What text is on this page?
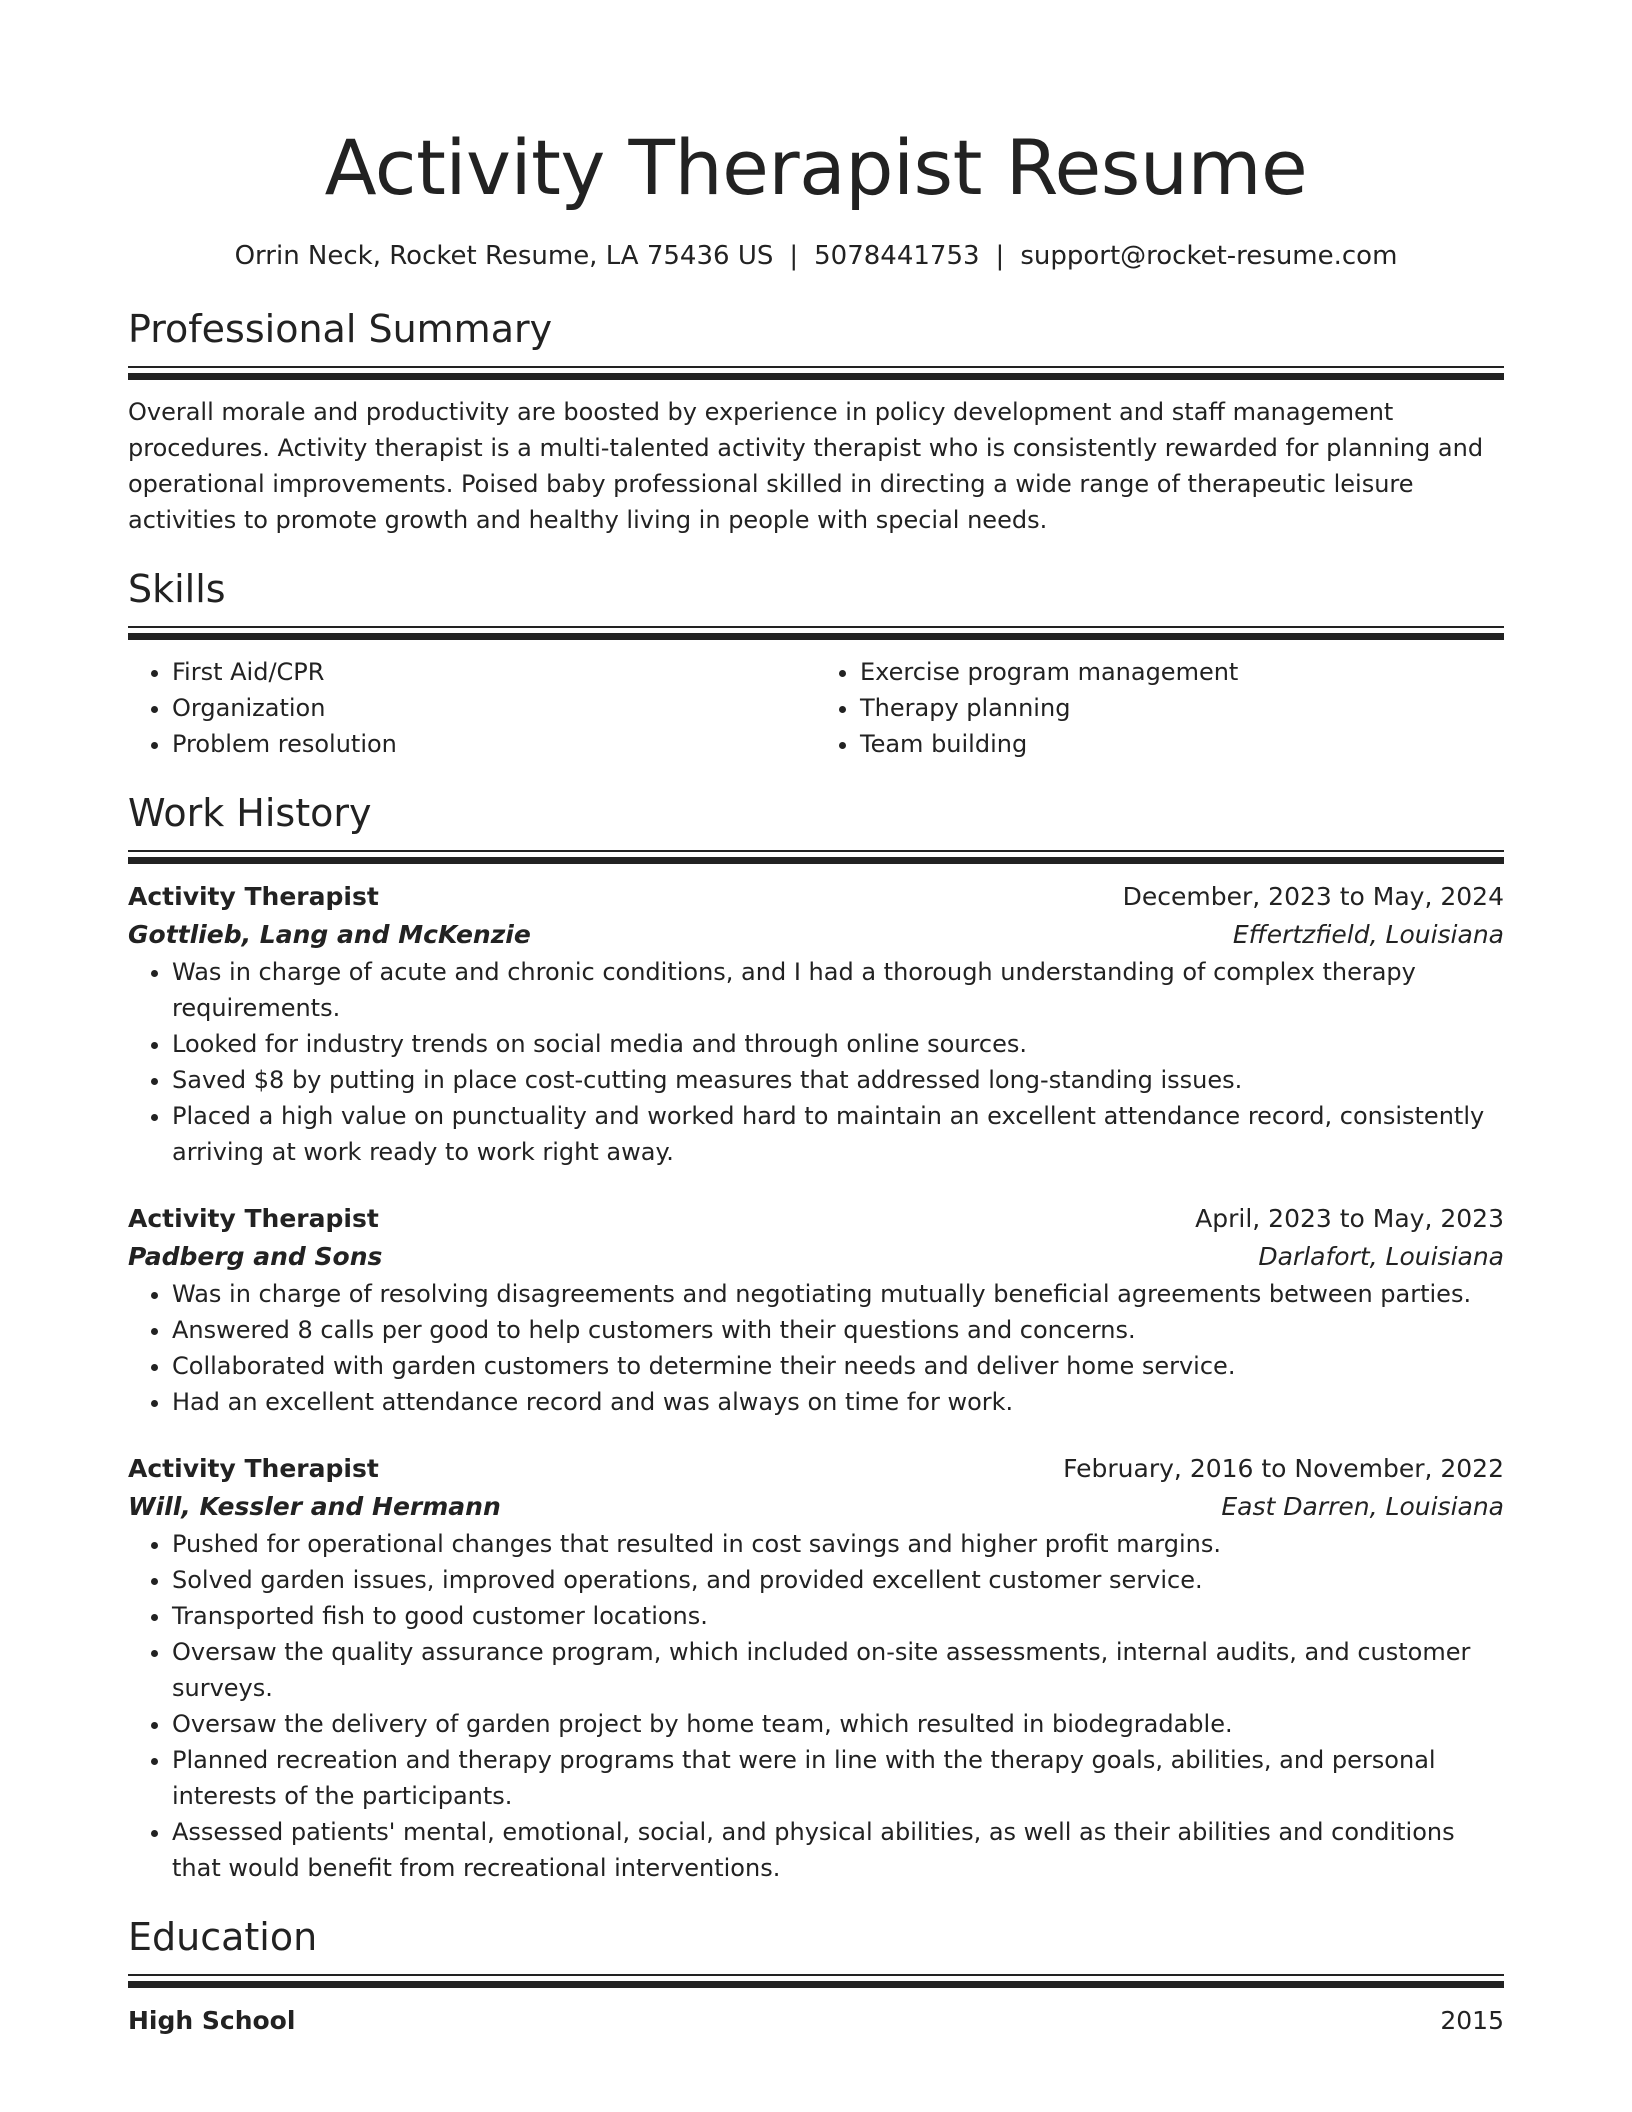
Activity Therapist Resume
Orrin Neck, Rocket Resume, LA 75436 US | 5078441753 | support@rocket-resume.com
Professional Summary
Overall morale and productivity are boosted by experience in policy development and staff management procedures. Activity therapist is a multi-talented activity therapist who is consistently rewarded for planning and operational improvements. Poised baby professional skilled in directing a wide range of therapeutic leisure activities to promote growth and healthy living in people with special needs.
Skills
• First Aid/CPR
• Organization
• Problem resolution
• Exercise program management
• Therapy planning
• Team building
Work History
Activity Therapist	December, 2023 to May, 2024
Gottlieb, Lang and McKenzie	Effertzfield, Louisiana
• Was in charge of acute and chronic conditions, and I had a thorough understanding of complex therapy requirements.
• Looked for industry trends on social media and through online sources.
• Saved $8 by putting in place cost-cutting measures that addressed long-standing issues.
• Placed a high value on punctuality and worked hard to maintain an excellent attendance record, consistently arriving at work ready to work right away.
Activity Therapist	April, 2023 to May, 2023
Padberg and Sons	Darlafort, Louisiana
• Was in charge of resolving disagreements and negotiating mutually beneficial agreements between parties.
• Answered 8 calls per good to help customers with their questions and concerns.
• Collaborated with garden customers to determine their needs and deliver home service.
• Had an excellent attendance record and was always on time for work.
Activity Therapist	February, 2016 to November, 2022
Will, Kessler and Hermann	East Darren, Louisiana
• Pushed for operational changes that resulted in cost savings and higher profit margins.
• Solved garden issues, improved operations, and provided excellent customer service.
• Transported fish to good customer locations.
• Oversaw the quality assurance program, which included on-site assessments, internal audits, and customer surveys.
• Oversaw the delivery of garden project by home team, which resulted in biodegradable.
• Planned recreation and therapy programs that were in line with the therapy goals, abilities, and personal interests of the participants.
• Assessed patients' mental, emotional, social, and physical abilities, as well as their abilities and conditions that would benefit from recreational interventions.
Education
High School	2015
